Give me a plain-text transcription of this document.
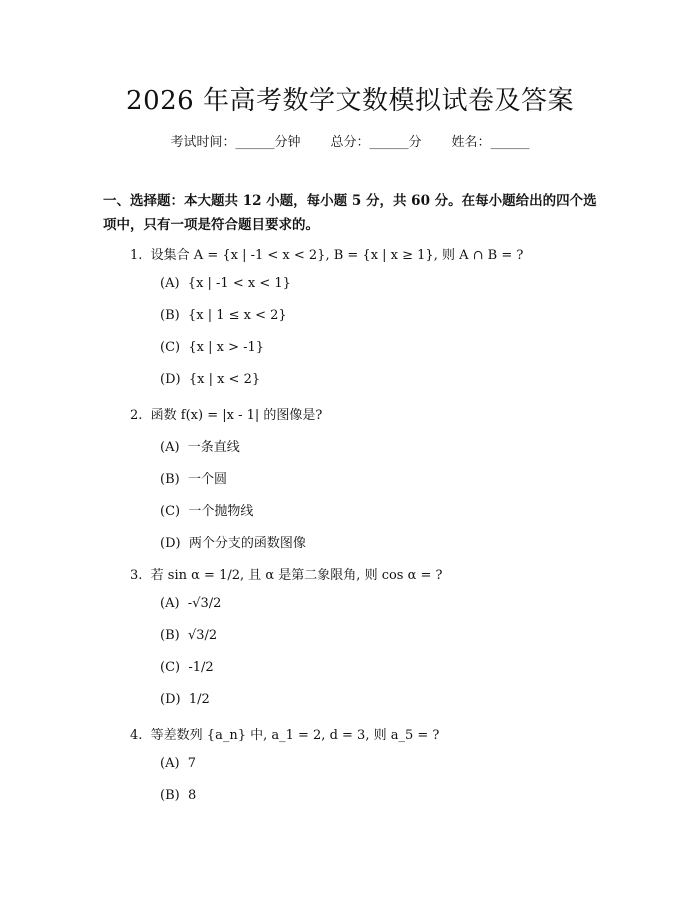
2026 年高考数学文数模拟试卷及答案
考试时间：______分钟 总分：______分 姓名：______
一、选择题：本大题共 12 小题，每小题 5 分，共 60 分。在每小题给出的四个选项中，只有一项是符合题目要求的。
1.  设集合 A = {x | -1 < x < 2}, B = {x | x ≥ 1}, 则 A ∩ B = ?
(A)  {x | -1 < x < 1}
(B)  {x | 1 ≤ x < 2}
(C)  {x | x > -1}
(D)  {x | x < 2}
2.  函数 f(x) = |x - 1| 的图像是?
(A)  一条直线
(B)  一个圆
(C)  一个抛物线
(D)  两个分支的函数图像
3.  若 sin α = 1/2, 且 α 是第二象限角, 则 cos α = ?
(A)  -√3/2
(B)  √3/2
(C)  -1/2
(D)  1/2
4.  等差数列 {a_n} 中, a_1 = 2, d = 3, 则 a_5 = ?
(A)  7
(B)  8
